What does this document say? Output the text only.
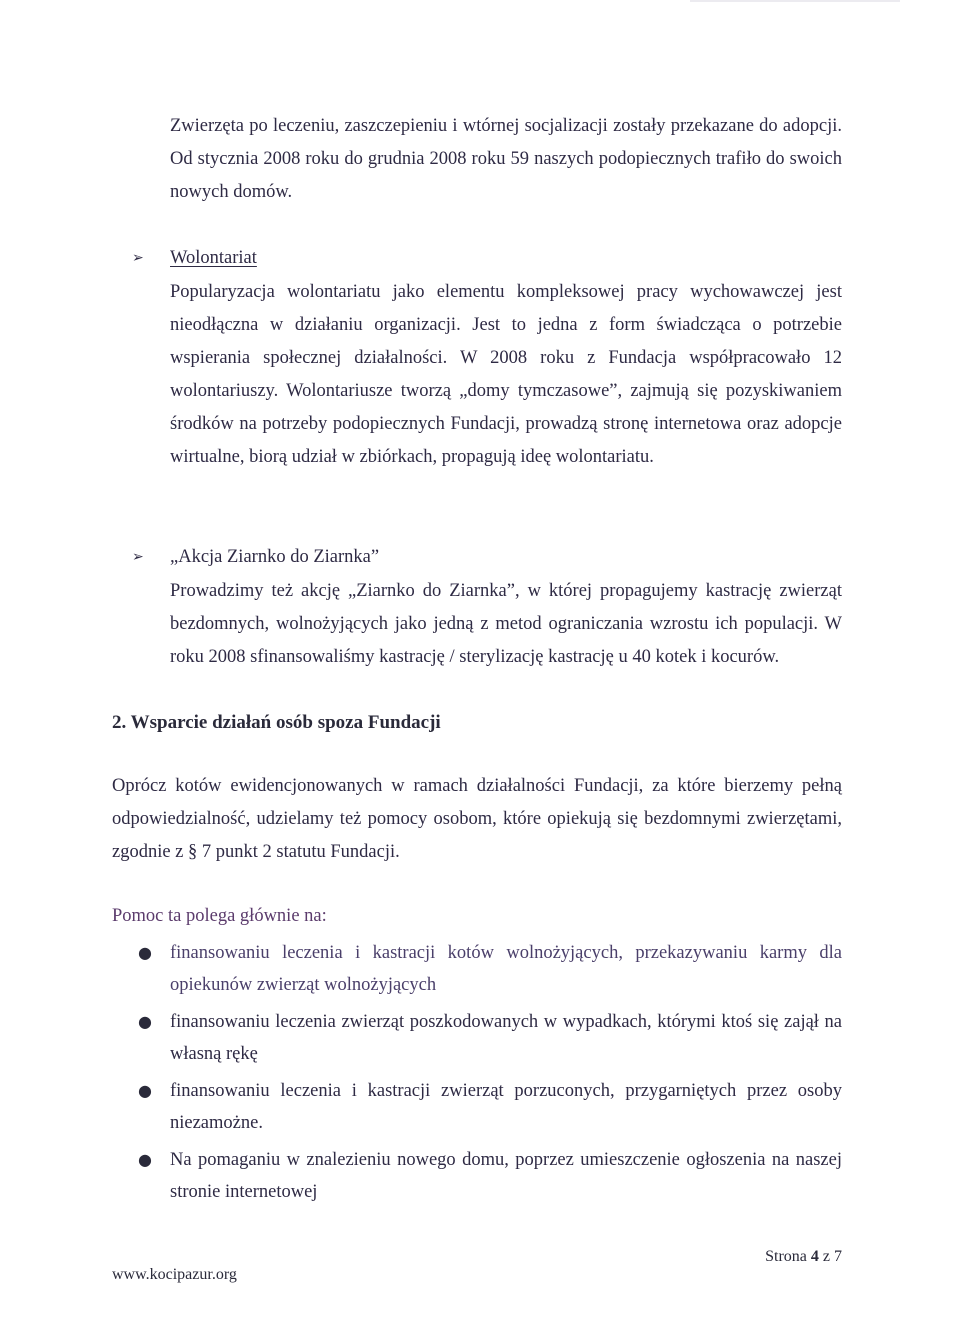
Zwierzęta po leczeniu, zaszczepieniu i wtórnej socjalizacji zostały przekazane do adopcji. Od stycznia 2008 roku do grudnia 2008 roku 59 naszych podopiecznych trafiło do swoich nowych domów.

➢	Wolontariat

Popularyzacja wolontariatu jako elementu kompleksowej pracy wychowawczej jest nieodłączna w działaniu organizacji. Jest to jedna z form świadcząca o potrzebie wspierania społecznej działalności. W 2008 roku z Fundacja współpracowało 12 wolontariuszy. Wolontariusze tworzą „domy tymczasowe”, zajmują się pozyskiwaniem środków na potrzeby podopiecznych Fundacji, prowadzą stronę internetowa oraz adopcje wirtualne, biorą udział w zbiórkach, propagują ideę wolontariatu.

➢	„Akcja Ziarnko do Ziarnka”

Prowadzimy też akcję „Ziarnko do Ziarnka”, w której propagujemy kastrację zwierząt bezdomnych, wolnożyjących jako jedną z metod ograniczania wzrostu ich populacji. W roku 2008 sfinansowaliśmy kastrację / sterylizację kastrację u 40 kotek i kocurów.

2. Wsparcie działań osób spoza Fundacji

Oprócz kotów ewidencjonowanych w ramach działalności Fundacji, za które bierzemy pełną odpowiedzialność, udzielamy też pomocy osobom, które opiekują się bezdomnymi zwierzętami, zgodnie z § 7 punkt 2 statutu Fundacji.

Pomoc ta polega głównie na:
● finansowaniu leczenia i kastracji kotów wolnożyjących, przekazywaniu karmy dla opiekunów zwierząt wolnożyjących
● finansowaniu leczenia zwierząt poszkodowanych w wypadkach, którymi ktoś się zajął na własną rękę
● finansowaniu leczenia i kastracji zwierząt porzuconych, przygarniętych przez osoby niezamożne.
● Na pomaganiu w znalezieniu nowego domu, poprzez umieszczenie ogłoszenia na naszej stronie internetowej
Strona 4 z 7
www.kocipazur.org
